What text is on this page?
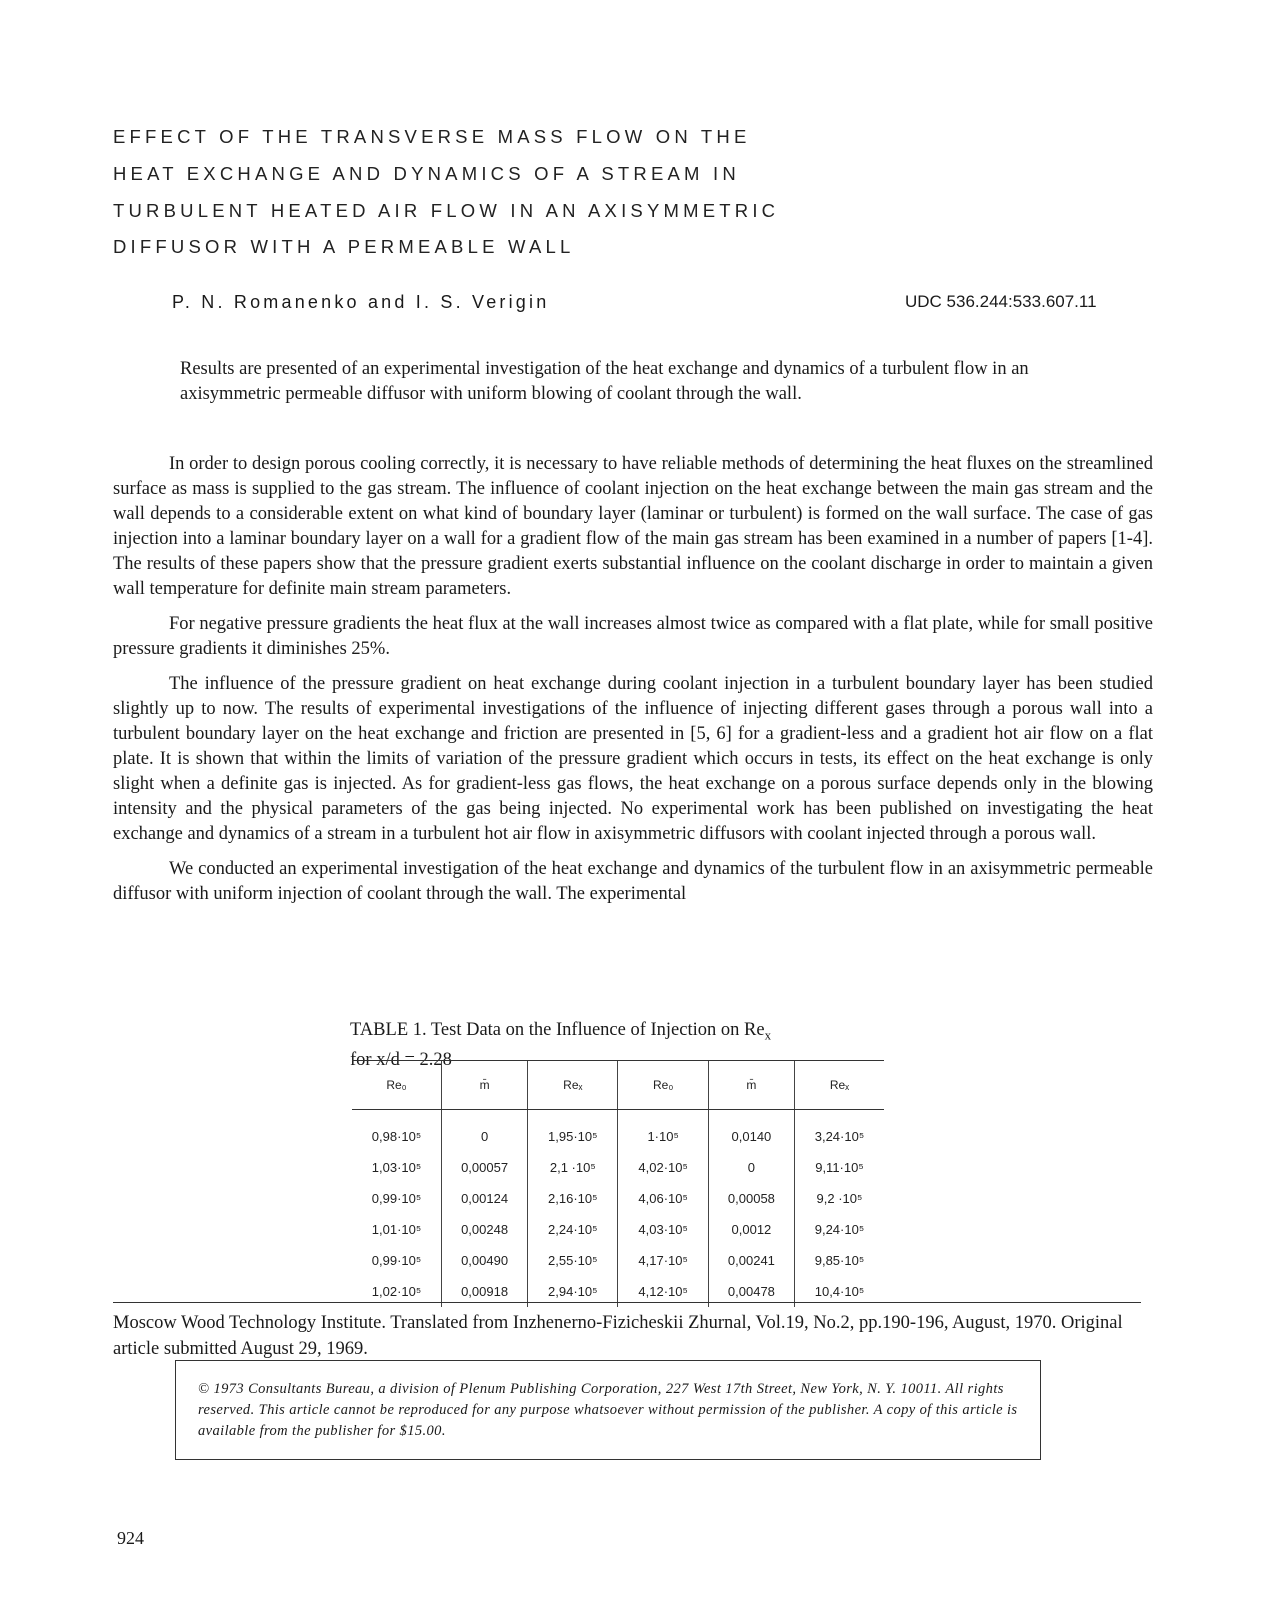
EFFECT OF THE TRANSVERSE MASS FLOW ON THE
HEAT EXCHANGE AND DYNAMICS OF A STREAM IN
TURBULENT HEATED AIR FLOW IN AN AXISYMMETRIC
DIFFUSOR WITH A PERMEABLE WALL
P. N. Romanenko and I. S. Verigin	UDC 536.244:533.607.11
Results are presented of an experimental investigation of the heat exchange and dynamics of a turbulent flow in an axisymmetric permeable diffusor with uniform blowing of coolant through the wall.

In order to design porous cooling correctly, it is necessary to have reliable methods of determining the heat fluxes on the streamlined surface as mass is supplied to the gas stream. The influence of coolant injection on the heat exchange between the main gas stream and the wall depends to a considerable extent on what kind of boundary layer (laminar or turbulent) is formed on the wall surface. The case of gas injection into a laminar boundary layer on a wall for a gradient flow of the main gas stream has been examined in a number of papers [1-4]. The results of these papers show that the pressure gradient exerts substantial influence on the coolant discharge in order to maintain a given wall temperature for definite main stream parameters.

For negative pressure gradients the heat flux at the wall increases almost twice as compared with a flat plate, while for small positive pressure gradients it diminishes 25%.

The influence of the pressure gradient on heat exchange during coolant injection in a turbulent boundary layer has been studied slightly up to now. The results of experimental investigations of the influence of injecting different gases through a porous wall into a turbulent boundary layer on the heat exchange and friction are presented in [5, 6] for a gradient-less and a gradient hot air flow on a flat plate. It is shown that within the limits of variation of the pressure gradient which occurs in tests, its effect on the heat exchange is only slight when a definite gas is injected. As for gradient-less gas flows, the heat exchange on a porous surface depends only in the blowing intensity and the physical parameters of the gas being injected. No experimental work has been published on investigating the heat exchange and dynamics of a stream in a turbulent hot air flow in axisymmetric diffusors with coolant injected through a porous wall.

We conducted an experimental investigation of the heat exchange and dynamics of the turbulent flow in an axisymmetric permeable diffusor with uniform injection of coolant through the wall. The experimental

TABLE 1. Test Data on the Influence of Injection on $Re_x$
for x/d = 2.28
Re₀	m̄	Reₓ	Re₀	m̄	Reₓ
0,98·10⁵	0	1,95·10⁵	1·10⁵	0,0140	3,24·10⁵
1,03·10⁵	0,00057	2,1 ·10⁵	4,02·10⁵	0	9,11·10⁵
0,99·10⁵	0,00124	2,16·10⁵	4,06·10⁵	0,00058	9,2 ·10⁵
1,01·10⁵	0,00248	2,24·10⁵	4,03·10⁵	0,0012	9,24·10⁵
0,99·10⁵	0,00490	2,55·10⁵	4,17·10⁵	0,00241	9,85·10⁵
1,02·10⁵	0,00918	2,94·10⁵	4,12·10⁵	0,00478	10,4·10⁵
Moscow Wood Technology Institute. Translated from Inzhenerno-Fizicheskii Zhurnal, Vol.19, No.2, pp.190-196, August, 1970. Original article submitted August 29, 1969.
© 1973 Consultants Bureau, a division of Plenum Publishing Corporation, 227 West 17th Street, New York, N. Y. 10011. All rights reserved. This article cannot be reproduced for any purpose whatsoever without permission of the publisher. A copy of this article is available from the publisher for $15.00.
924
